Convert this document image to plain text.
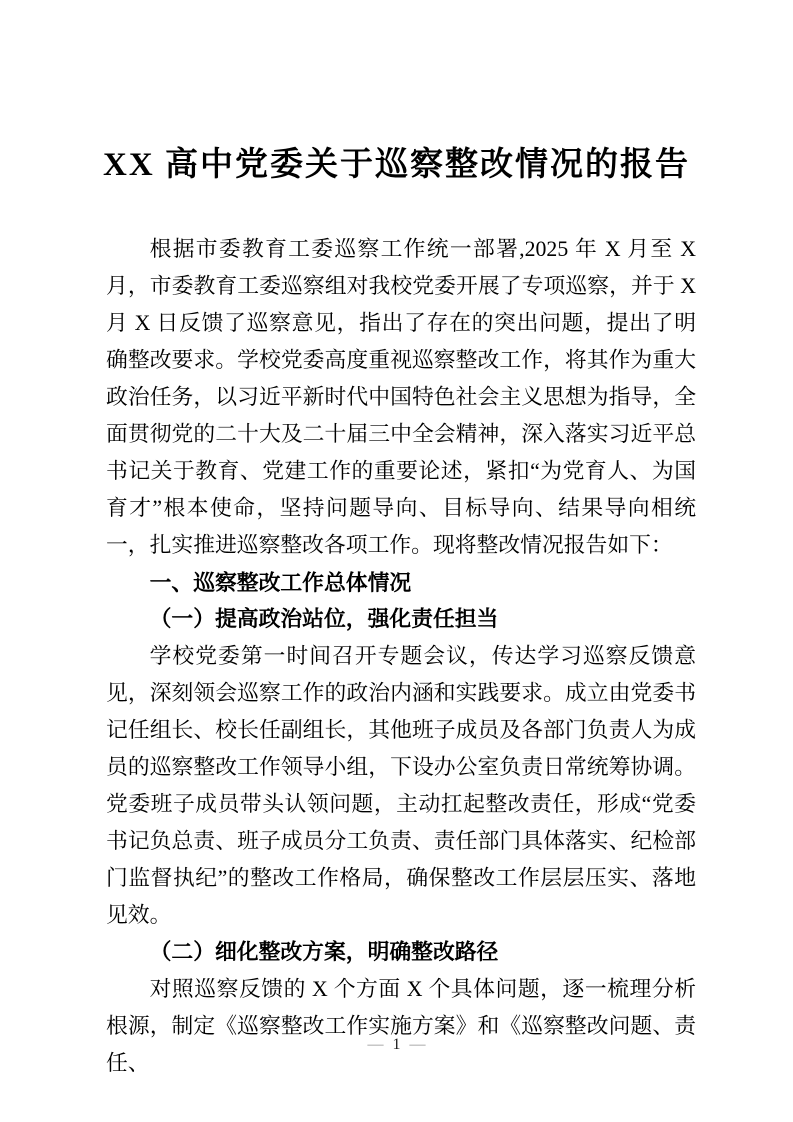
XX 高中党委关于巡察整改情况的报告

根据市委教育工委巡察工作统一部署,2025 年 X 月至 X 月，市委教育工委巡察组对我校党委开展了专项巡察，并于 X 月 X 日反馈了巡察意见，指出了存在的突出问题，提出了明确整改要求。学校党委高度重视巡察整改工作，将其作为重大政治任务，以习近平新时代中国特色社会主义思想为指导，全面贯彻党的二十大及二十届三中全会精神，深入落实习近平总书记关于教育、党建工作的重要论述，紧扣“为党育人、为国育才”根本使命，坚持问题导向、目标导向、结果导向相统一，扎实推进巡察整改各项工作。现将整改情况报告如下：

一、巡察整改工作总体情况

（一）提高政治站位，强化责任担当

学校党委第一时间召开专题会议，传达学习巡察反馈意见，深刻领会巡察工作的政治内涵和实践要求。成立由党委书记任组长、校长任副组长，其他班子成员及各部门负责人为成员的巡察整改工作领导小组，下设办公室负责日常统筹协调。党委班子成员带头认领问题，主动扛起整改责任，形成“党委书记负总责、班子成员分工负责、责任部门具体落实、纪检部门监督执纪”的整改工作格局，确保整改工作层层压实、落地见效。

（二）细化整改方案，明确整改路径

对照巡察反馈的 X 个方面 X 个具体问题，逐一梳理分析根源，制定《巡察整改工作实施方案》和《巡察整改问题、责任、

— 1 —
